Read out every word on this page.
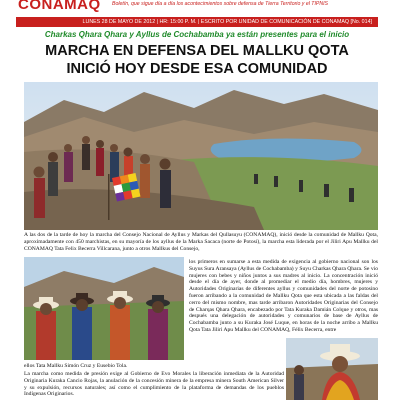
CONAMAQ Boletín, que sigue día a día los acontecimientos sobre defensa de Tierra Territorio y el TIPNIS
LUNES 28 DE MAYO DE 2012 | HR: 15:00 P. M. | ESCRITO POR UNIDAD DE COMUNICACIÓN DE CONAMAQ [No. 014]
Charkas Qhara Qhara y Ayllus de Cochabamba ya están presentes para el inicio
MARCHA EN DEFENSA DEL MALLKU QOTA
INICIÓ HOY DESDE ESA COMUNIDAD
A las dos de la tarde de hoy la marcha del Consejo Nacional de Ayllus y Markas del Qullasuyu (CONAMAQ), inició desde la comunidad de Mallku Qota, aproximadamente con 450 marchistas, en su mayoría de los ayllus de la Marka Sacaca (norte de Potosí), la marcha esta liderada por el Jiliri Apu Mallku del CONAMAQ Tata Felix Becerra Villcarana, junto a otros Mallkus del Consejo,
los primeros en sumarse a esta medida de exigencia al gobierno nacional son los Suyus Sura Aransaya (Ayllus de Cochabamba) y Suyu Charkas Qhara Qhara. Se vio mujeres con bebes y niños juntos a sus madres al inicio. La concentración inició desde el día de ayer, donde al promediar el medio día, hombres, mujeres y Autoridades Originarias de diferentes ayllus y comunidades del norte de potosino fueron arribando a la comunidad de Mallku Qota que esta ubicada a las faldas del cerro del mismo nombre, mas tarde arribaron Autoridades Originarias del Consejo de Charqas Qhara Qhara, encabezado por Tata Kuraka Damián Colque y otros, mas después una delegación de autoridades y comunarios de base de Ayllus de Cochabamba junto a su Kuraka José Luque, en horas de la noche arribo a Mallku Qota Tata Jiliri Apu Mallku del CONAMAQ, Félix Becerra, entre
ellos Tata Mallku Simón Cruz y Eusebio Tola.
La marcha como medida de presión exige al Gobierno de Evo Morales la liberación inmediata de la Autoridad Originaria Kuraka Cancio Rojas, la anulación de la concesión minera de la empresa minera South American Silver y su expulsión, recursos naturales; así como el cumplimiento de la plataforma de demandas de los pueblos Indígenas Originarios.
